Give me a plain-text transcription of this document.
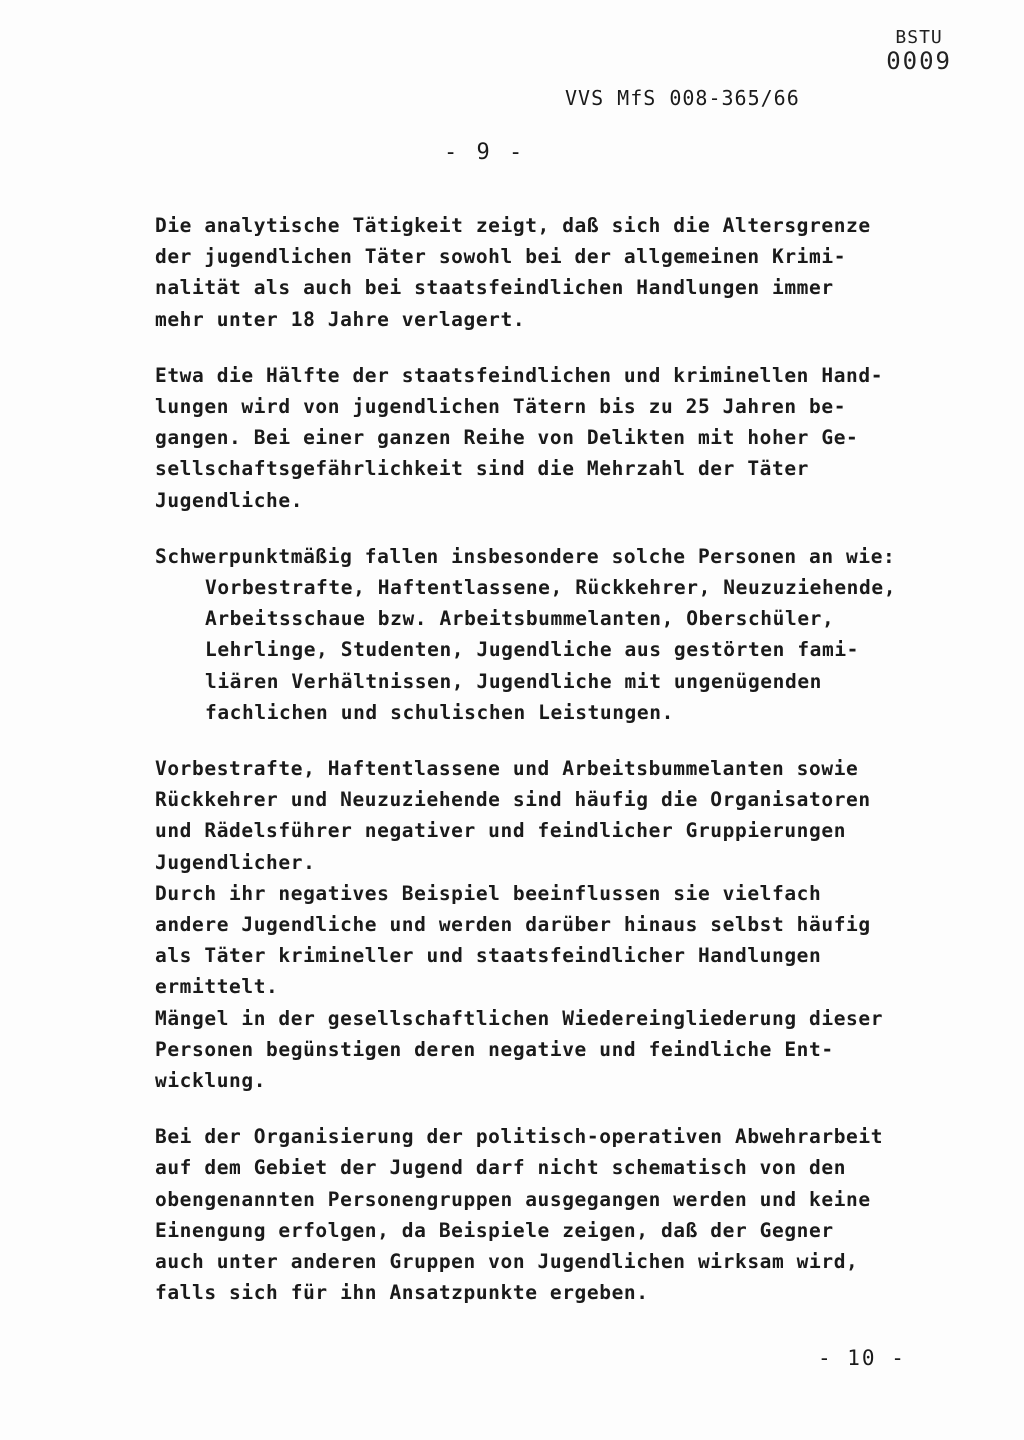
BSTU
0009
VVS MfS 008-365/66
- 9 -
Die analytische Tätigkeit zeigt, daß sich die Altersgrenze
der jugendlichen Täter sowohl bei der allgemeinen Krimi-
nalität als auch bei staatsfeindlichen Handlungen immer
mehr unter 18 Jahre verlagert.
Etwa die Hälfte der staatsfeindlichen und kriminellen Hand-
lungen wird von jugendlichen Tätern bis zu 25 Jahren be-
gangen. Bei einer ganzen Reihe von Delikten mit hoher Ge-
sellschaftsgefährlichkeit sind die Mehrzahl der Täter
Jugendliche.
Schwerpunktmäßig fallen insbesondere solche Personen an wie:
Vorbestrafte, Haftentlassene, Rückkehrer, Neuzuziehende,
Arbeitsschaue bzw. Arbeitsbummelanten, Oberschüler,
Lehrlinge, Studenten, Jugendliche aus gestörten fami-
liären Verhältnissen, Jugendliche mit ungenügenden
fachlichen und schulischen Leistungen.
Vorbestrafte, Haftentlassene und Arbeitsbummelanten sowie
Rückkehrer und Neuzuziehende sind häufig die Organisatoren
und Rädelsführer negativer und feindlicher Gruppierungen
Jugendlicher.
Durch ihr negatives Beispiel beeinflussen sie vielfach
andere Jugendliche und werden darüber hinaus selbst häufig
als Täter krimineller und staatsfeindlicher Handlungen
ermittelt.
Mängel in der gesellschaftlichen Wiedereingliederung dieser
Personen begünstigen deren negative und feindliche Ent-
wicklung.
Bei der Organisierung der politisch-operativen Abwehrarbeit
auf dem Gebiet der Jugend darf nicht schematisch von den
obengenannten Personengruppen ausgegangen werden und keine
Einengung erfolgen, da Beispiele zeigen, daß der Gegner
auch unter anderen Gruppen von Jugendlichen wirksam wird,
falls sich für ihn Ansatzpunkte ergeben.
- 10 -
